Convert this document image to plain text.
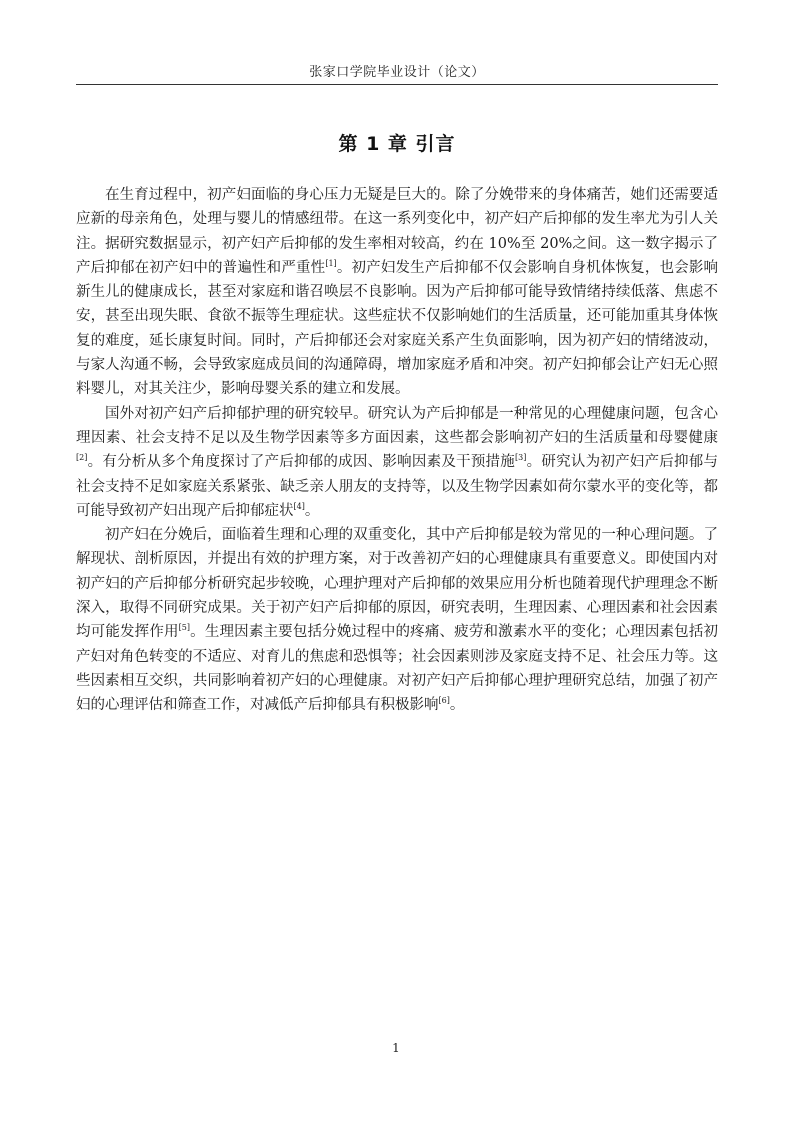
张家口学院毕业设计（论文）
第 1 章 引言

在生育过程中，初产妇面临的身心压力无疑是巨大的。除了分娩带来的身体痛苦，她们还需要适应新的母亲角色，处理与婴儿的情感纽带。在这一系列变化中，初产妇产后抑郁的发生率尤为引人关注。据研究数据显示，初产妇产后抑郁的发生率相对较高，约在 10%至 20%之间。这一数字揭示了产后抑郁在初产妇中的普遍性和严重性[1]。初产妇发生产后抑郁不仅会影响自身机体恢复，也会影响新生儿的健康成长，甚至对家庭和谐召唤层不良影响。因为产后抑郁可能导致情绪持续低落、焦虑不安，甚至出现失眠、食欲不振等生理症状。这些症状不仅影响她们的生活质量，还可能加重其身体恢复的难度，延长康复时间。同时，产后抑郁还会对家庭关系产生负面影响，因为初产妇的情绪波动，与家人沟通不畅，会导致家庭成员间的沟通障碍，增加家庭矛盾和冲突。初产妇抑郁会让产妇无心照料婴儿，对其关注少，影响母婴关系的建立和发展。

国外对初产妇产后抑郁护理的研究较早。研究认为产后抑郁是一种常见的心理健康问题，包含心理因素、社会支持不足以及生物学因素等多方面因素，这些都会影响初产妇的生活质量和母婴健康[2]。有分析从多个角度探讨了产后抑郁的成因、影响因素及干预措施[3]。研究认为初产妇产后抑郁与社会支持不足如家庭关系紧张、缺乏亲人朋友的支持等，以及生物学因素如荷尔蒙水平的变化等，都可能导致初产妇出现产后抑郁症状[4]。

初产妇在分娩后，面临着生理和心理的双重变化，其中产后抑郁是较为常见的一种心理问题。了解现状、剖析原因，并提出有效的护理方案，对于改善初产妇的心理健康具有重要意义。即使国内对初产妇的产后抑郁分析研究起步较晚，心理护理对产后抑郁的效果应用分析也随着现代护理理念不断深入，取得不同研究成果。关于初产妇产后抑郁的原因，研究表明，生理因素、心理因素和社会因素均可能发挥作用[5]。生理因素主要包括分娩过程中的疼痛、疲劳和激素水平的变化；心理因素包括初产妇对角色转变的不适应、对育儿的焦虑和恐惧等；社会因素则涉及家庭支持不足、社会压力等。这些因素相互交织，共同影响着初产妇的心理健康。对初产妇产后抑郁心理护理研究总结，加强了初产妇的心理评估和筛查工作，对减低产后抑郁具有积极影响[6]。

1
